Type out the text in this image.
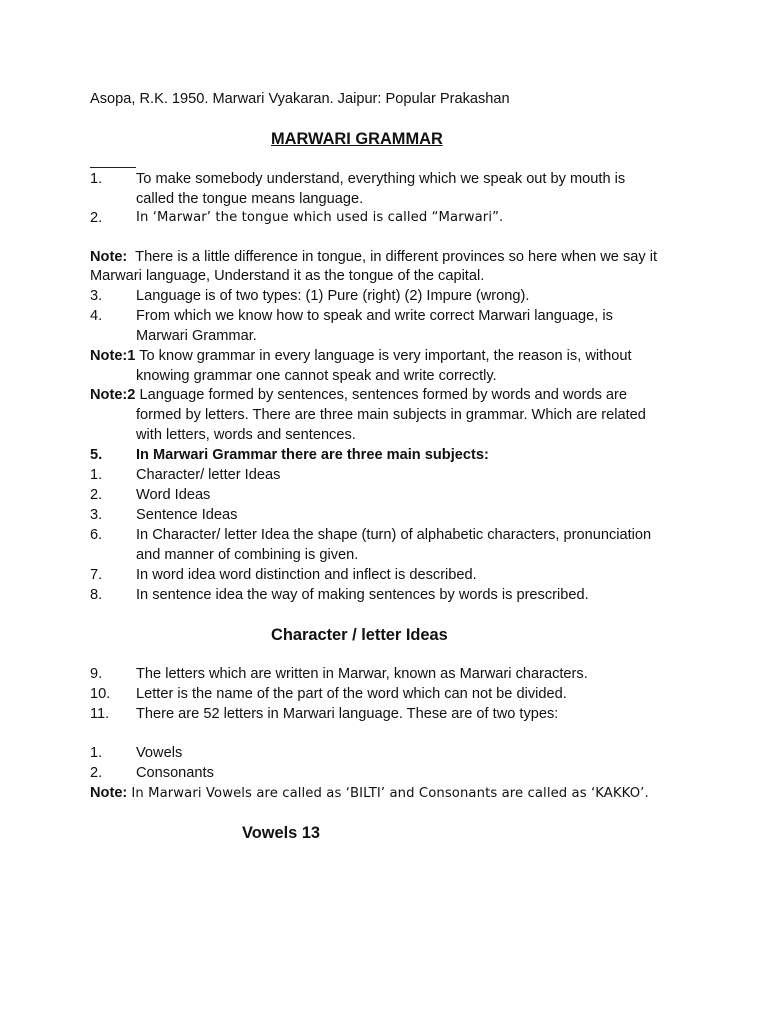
Asopa, R.K. 1950. Marwari Vyakaran. Jaipur: Popular Prakashan
MARWARI GRAMMAR
1. To make somebody understand, everything which we speak out by mouth is
called the tongue means language.
2.	In ‘Marwar’ the tongue which used is called “Marwari”.
Note: There is a little difference in tongue, in different provinces so here when we say it
Marwari language, Understand it as the tongue of the capital.
3. Language is of two types: (1) Pure (right) (2) Impure (wrong).
4. From which we know how to speak and write correct Marwari language, is
Marwari Grammar.
Note:1 To know grammar in every language is very important, the reason is, without
knowing grammar one cannot speak and write correctly.
Note:2 Language formed by sentences, sentences formed by words and words are
formed by letters. There are three main subjects in grammar. Which are related
with letters, words and sentences.
5. In Marwari Grammar there are three main subjects:
1. Character/ letter Ideas
2. Word Ideas
3. Sentence Ideas
6. In Character/ letter Idea the shape (turn) of alphabetic characters, pronunciation
and manner of combining is given.
7. In word idea word distinction and inflect is described.
8. In sentence idea the way of making sentences by words is prescribed.
Character / letter Ideas
9. The letters which are written in Marwar, known as Marwari characters.
10. Letter is the name of the part of the word which can not be divided.
11. There are 52 letters in Marwari language. These are of two types:
1. Vowels
2. Consonants
Note: In Marwari Vowels are called as ‘BILTI’ and Consonants are called as ‘KAKKO’.
Vowels 13
